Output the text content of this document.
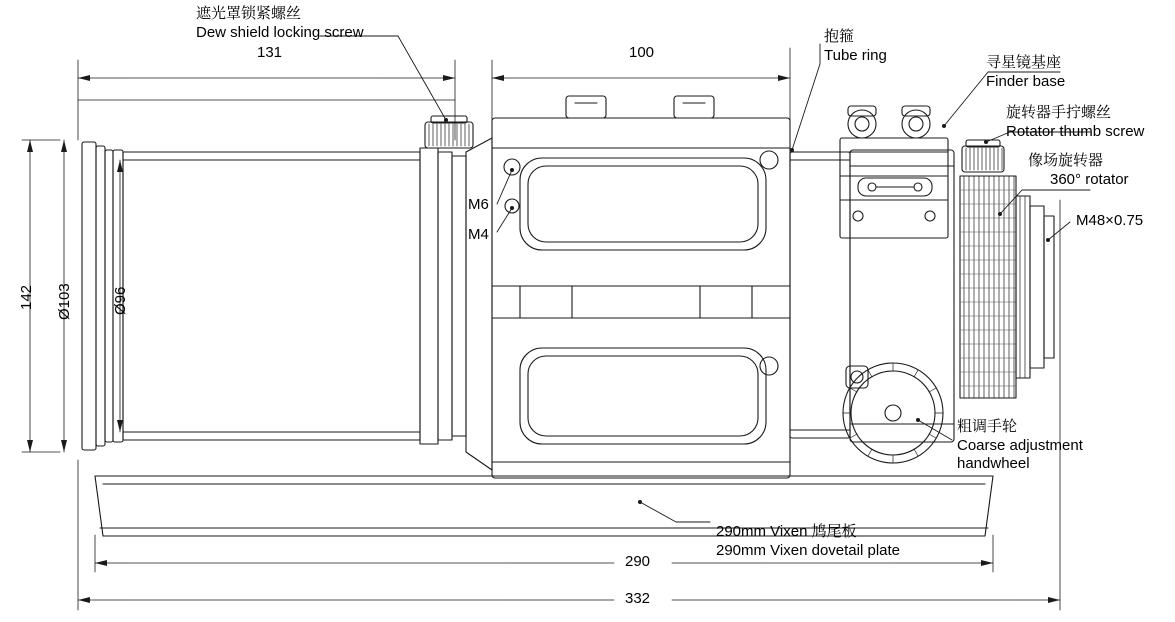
131	100
290
332
142 Ø103	Ø96
M6
M4
M48×0.75
遮光罩锁紧螺丝
Dew shield locking screw	抱箍
Tube ring	寻星镜基座
Finder base
旋转器手拧螺丝
Rotator thumb screw
像场旋转器
360° rotator
粗调手轮
Coarse adjustment
handwheel
290mm Vixen 鸠尾板
290mm Vixen dovetail plate
